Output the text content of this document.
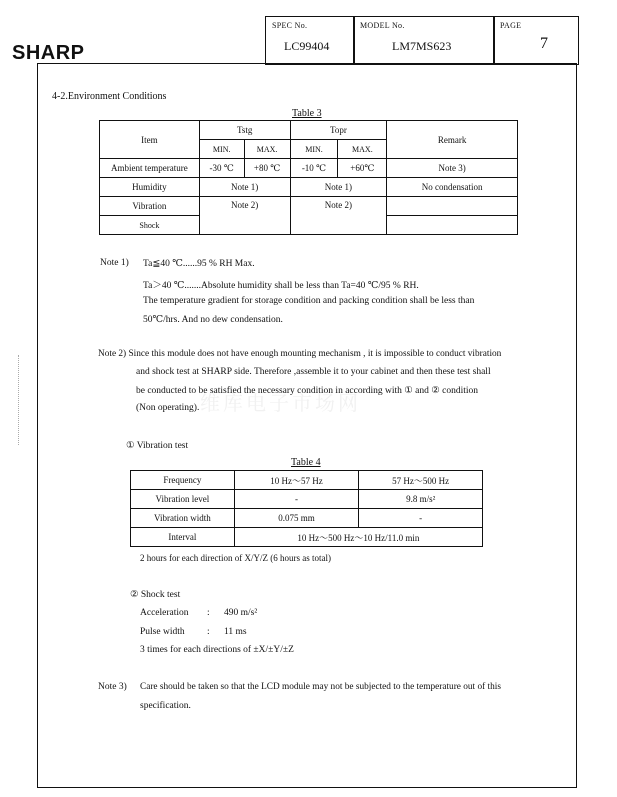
SHARP
SPEC No.
LC99404
MODEL No.
LM7MS623
PAGE
7
维库电子市场网
4-2.Environment Conditions
Table 3
Item	Tstg		Topr		Remark
	MIN.	MAX.	MIN.	MAX.	
Ambient temperature	-30 ℃	+80 ℃	-10 ℃	+60℃	Note 3)
Humidity	Note 1)		Note 1)		No condensation
Vibration	Note 2)		Note 2)		
Shock					
Note 1) Ta≦40 ℃......95 % RH Max.
Ta＞40 ℃.......Absolute humidity shall be less than Ta=40 ℃/95 % RH.
The temperature gradient for storage condition and packing condition shall be less than
50℃/hrs. And no dew condensation.
Note 2) Since this module does not have enough mounting mechanism , it is impossible to conduct vibration
and shock test at SHARP side. Therefore ,assemble it to your cabinet and then these test shall
be conducted to be satisfied the necessary condition in according with ① and ② condition
(Non operating).
① Vibration test
Table 4
Frequency	10 Hz～57 Hz	57 Hz～500 Hz
Vibration level	-	9.8 m/s²
Vibration width	0.075 mm	-
Interval	10 Hz～500 Hz～10 Hz/11.0 min	
2 hours for each direction of X/Y/Z (6 hours as total)
② Shock test
Acceleration : 490 m/s²
Pulse width : 11 ms
3 times for each directions of ±X/±Y/±Z
Note 3) Care should be taken so that the LCD module may not be subjected to the temperature out of this
specification.
